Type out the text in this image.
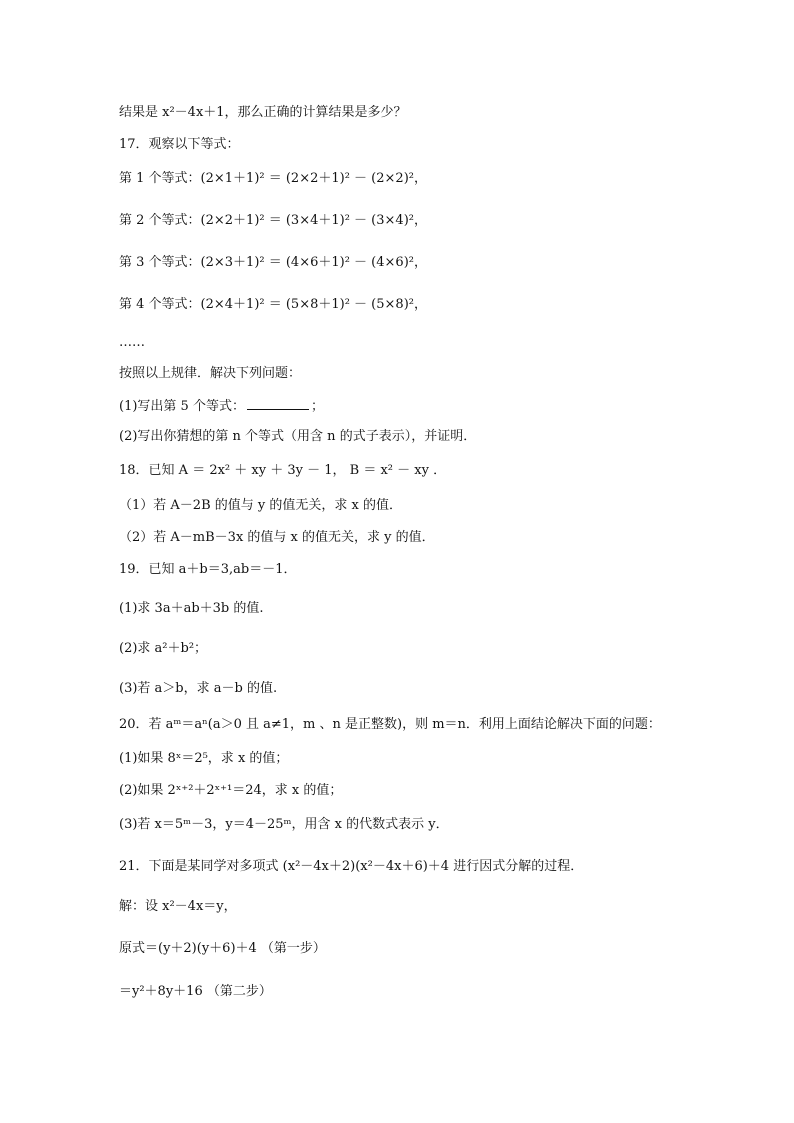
结果是 x²－4x＋1，那么正确的计算结果是多少？
17．观察以下等式：
第 1 个等式：(2×1＋1)² ＝ (2×2＋1)² － (2×2)²，
第 2 个等式：(2×2＋1)² ＝ (3×4＋1)² － (3×4)²，
第 3 个等式：(2×3＋1)² ＝ (4×6＋1)² － (4×6)²，
第 4 个等式：(2×4＋1)² ＝ (5×8＋1)² － (5×8)²，
……
按照以上规律．解决下列问题：
(1)写出第 5 个等式：	；
(2)写出你猜想的第 n 个等式（用含 n 的式子表示），并证明．
18．已知 A ＝ 2x² ＋ xy ＋ 3y － 1， B ＝ x² － xy ．
（1）若 A－2B 的值与 y 的值无关，求 x 的值．
（2）若 A－mB－3x 的值与 x 的值无关，求 y 的值．
19．已知 a＋b＝3,ab＝－1．
(1)求 3a＋ab＋3b 的值.
(2)求 a²＋b²；
(3)若 a＞b，求 a－b 的值.
20．若 aᵐ＝aⁿ(a＞0 且 a≠1，m 、n 是正整数)，则 m＝n．利用上面结论解决下面的问题：
(1)如果 8ˣ＝2⁵，求 x 的值；
(2)如果 2ˣ⁺²＋2ˣ⁺¹＝24，求 x 的值；
(3)若 x＝5ᵐ－3，y＝4－25ᵐ，用含 x 的代数式表示 y．
21．下面是某同学对多项式 (x²－4x＋2)(x²－4x＋6)＋4 进行因式分解的过程．
解：设 x²－4x＝y，
原式＝(y＋2)(y＋6)＋4 （第一步）
＝y²＋8y＋16 （第二步）
